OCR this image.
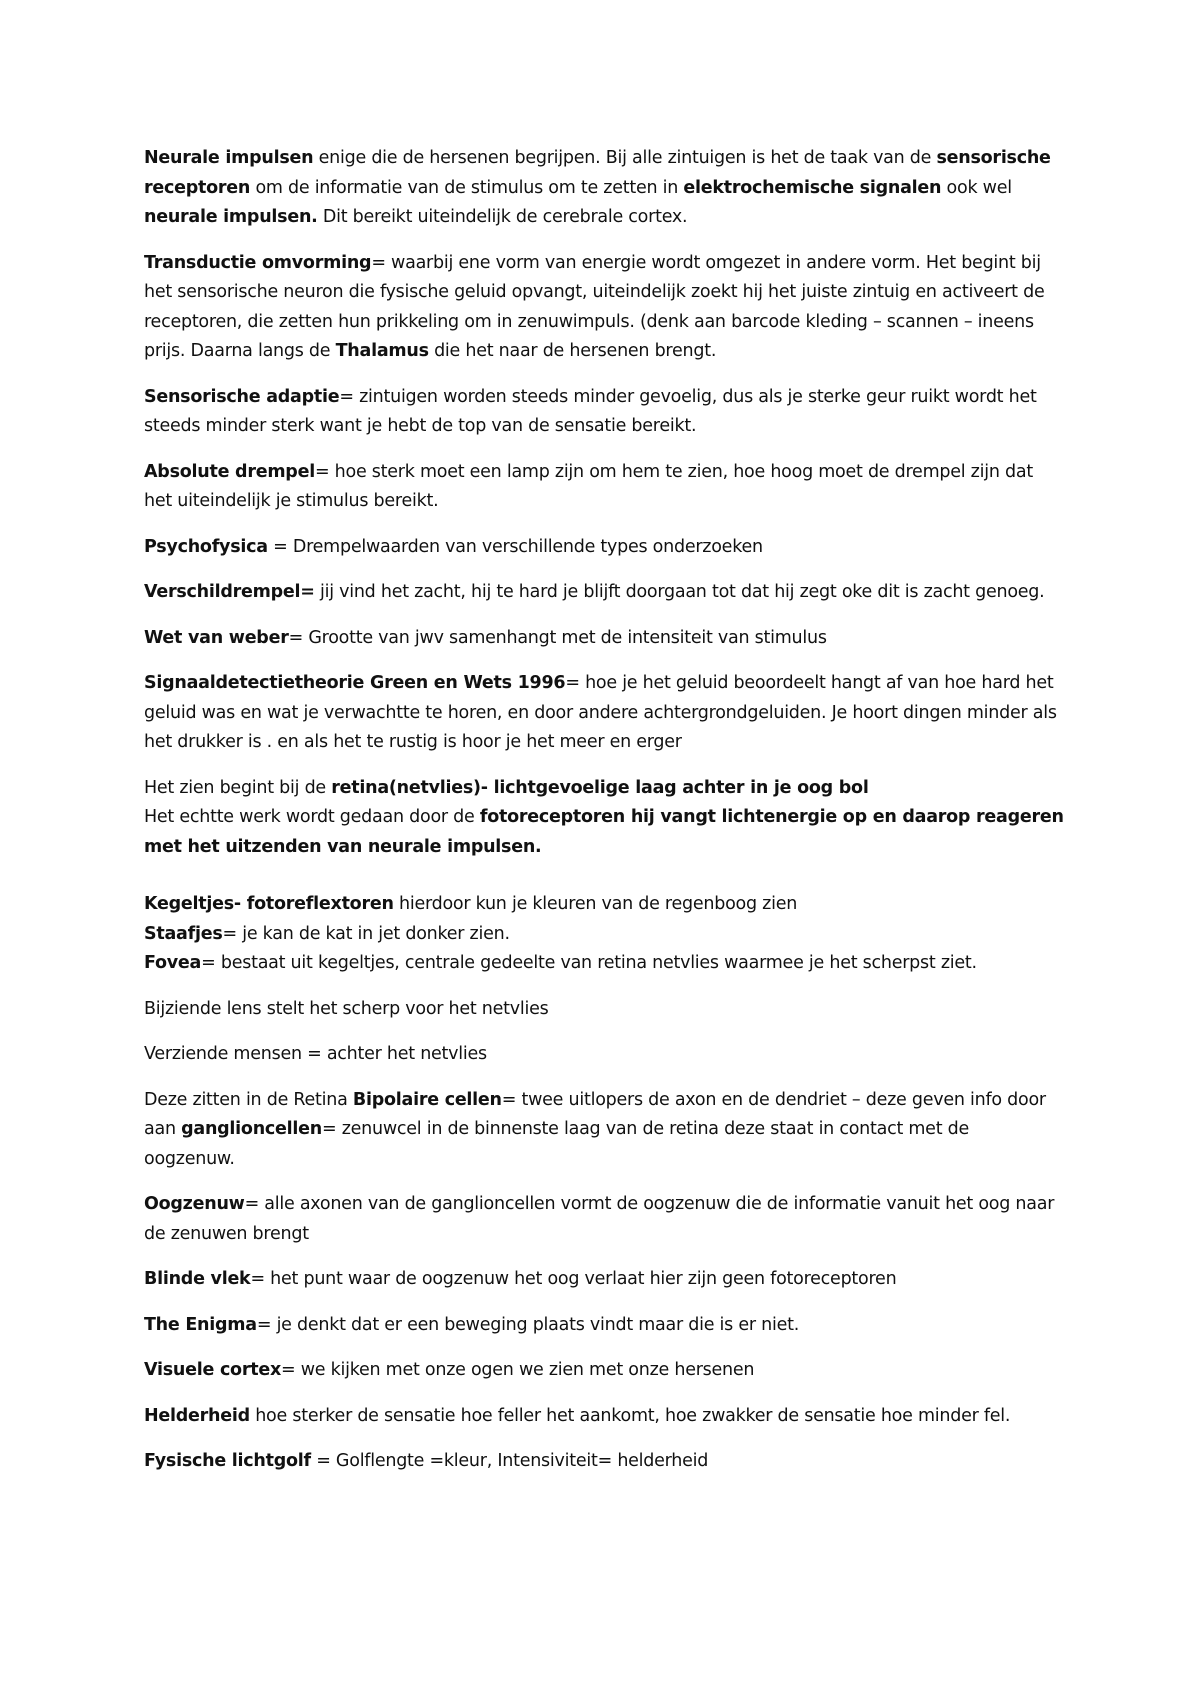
Neurale impulsen enige die de hersenen begrijpen. Bij alle zintuigen is het de taak van de sensorische receptoren om de informatie van de stimulus om te zetten in elektrochemische signalen ook wel neurale impulsen. Dit bereikt uiteindelijk de cerebrale cortex.

Transductie omvorming= waarbij ene vorm van energie wordt omgezet in andere vorm. Het begint bij het sensorische neuron die fysische geluid opvangt, uiteindelijk zoekt hij het juiste zintuig en activeert de receptoren, die zetten hun prikkeling om in zenuwimpuls. (denk aan barcode kleding – scannen – ineens prijs. Daarna langs de Thalamus die het naar de hersenen brengt.

Sensorische adaptie= zintuigen worden steeds minder gevoelig, dus als je sterke geur ruikt wordt het steeds minder sterk want je hebt de top van de sensatie bereikt.

Absolute drempel= hoe sterk moet een lamp zijn om hem te zien, hoe hoog moet de drempel zijn dat het uiteindelijk je stimulus bereikt.

Psychofysica = Drempelwaarden van verschillende types onderzoeken

Verschildrempel= jij vind het zacht, hij te hard je blijft doorgaan tot dat hij zegt oke dit is zacht genoeg.

Wet van weber= Grootte van jwv samenhangt met de intensiteit van stimulus

Signaaldetectietheorie Green en Wets 1996= hoe je het geluid beoordeelt hangt af van hoe hard het geluid was en wat je verwachtte te horen, en door andere achtergrondgeluiden. Je hoort dingen minder als het drukker is . en als het te rustig is hoor je het meer en erger

Het zien begint bij de retina(netvlies)- lichtgevoelige laag achter in je oog bol

Het echtte werk wordt gedaan door de fotoreceptoren hij vangt lichtenergie op en daarop reageren met het uitzenden van neurale impulsen.

Kegeltjes- fotoreflextoren hierdoor kun je kleuren van de regenboog zien

Staafjes= je kan de kat in jet donker zien.

Fovea= bestaat uit kegeltjes, centrale gedeelte van retina netvlies waarmee je het scherpst ziet.

Bijziende lens stelt het scherp voor het netvlies

Verziende mensen = achter het netvlies

Deze zitten in de Retina Bipolaire cellen= twee uitlopers de axon en de dendriet – deze geven info door aan ganglioncellen= zenuwcel in de binnenste laag van de retina deze staat in contact met de oogzenuw.

Oogzenuw= alle axonen van de ganglioncellen vormt de oogzenuw die de informatie vanuit het oog naar de zenuwen brengt

Blinde vlek= het punt waar de oogzenuw het oog verlaat hier zijn geen fotoreceptoren

The Enigma= je denkt dat er een beweging plaats vindt maar die is er niet.

Visuele cortex= we kijken met onze ogen we zien met onze hersenen

Helderheid hoe sterker de sensatie hoe feller het aankomt, hoe zwakker de sensatie hoe minder fel.

Fysische lichtgolf = Golflengte =kleur, Intensiviteit= helderheid
